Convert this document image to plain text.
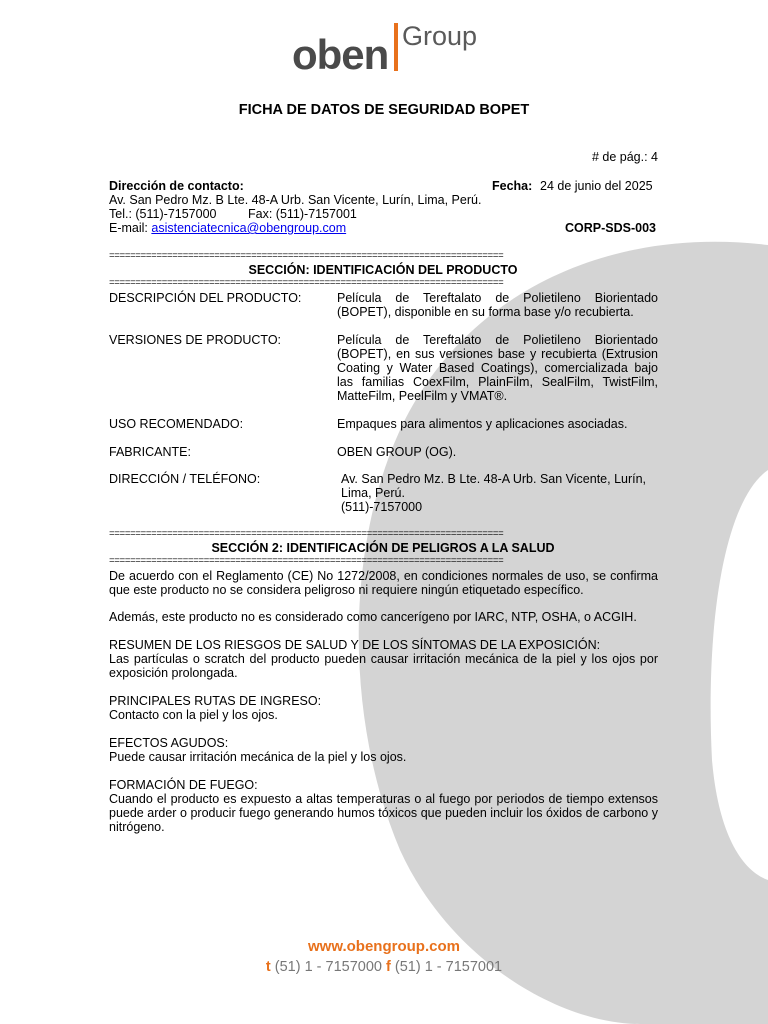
oben Group
FICHA DE DATOS DE SEGURIDAD BOPET
# de pág.: 4
Dirección de contacto:	Fecha: 24 de junio del 2025
Av. San Pedro Mz. B Lte. 48-A Urb. San Vicente, Lurín, Lima, Perú.
Tel.: (511)-7157000	Fax: (511)-7157001
E-mail: asistenciatecnica@obengroup.com	CORP-SDS-003
===========================================================================
SECCIÓN: IDENTIFICACIÓN DEL PRODUCTO
===========================================================================
DESCRIPCIÓN DEL PRODUCTO:	Película de Tereftalato de Polietileno Biorientado (BOPET), disponible en su forma base y/o recubierta.
VERSIONES DE PRODUCTO:	Película de Tereftalato de Polietileno Biorientado (BOPET), en sus versiones base y recubierta (Extrusion Coating y Water Based Coatings), comercializada bajo las familias CoexFilm, PlainFilm, SealFilm, TwistFilm, MatteFilm, PeelFilm y VMAT®.
USO RECOMENDADO:	Empaques para alimentos y aplicaciones asociadas.
FABRICANTE:	OBEN GROUP (OG).
DIRECCIÓN / TELÉFONO:	Av. San Pedro Mz. B Lte. 48-A Urb. San Vicente, Lurín,
Lima, Perú.
(511)-7157000
===========================================================================
SECCIÓN 2: IDENTIFICACIÓN DE PELIGROS A LA SALUD
===========================================================================
De acuerdo con el Reglamento (CE) No 1272/2008, en condiciones normales de uso, se confirma que este producto no se considera peligroso ni requiere ningún etiquetado específico.
Además, este producto no es considerado como cancerígeno por IARC, NTP, OSHA, o ACGIH.
RESUMEN DE LOS RIESGOS DE SALUD Y DE LOS SÍNTOMAS DE LA EXPOSICIÓN:
Las partículas o scratch del producto pueden causar irritación mecánica de la piel y los ojos por exposición prolongada.
PRINCIPALES RUTAS DE INGRESO:
Contacto con la piel y los ojos.
EFECTOS AGUDOS:
Puede causar irritación mecánica de la piel y los ojos.
FORMACIÓN DE FUEGO:
Cuando el producto es expuesto a altas temperaturas o al fuego por periodos de tiempo extensos puede arder o producir fuego generando humos tóxicos que pueden incluir los óxidos de carbono y nitrógeno.
www.obengroup.com
t (51) 1 - 7157000 f (51) 1 - 7157001
